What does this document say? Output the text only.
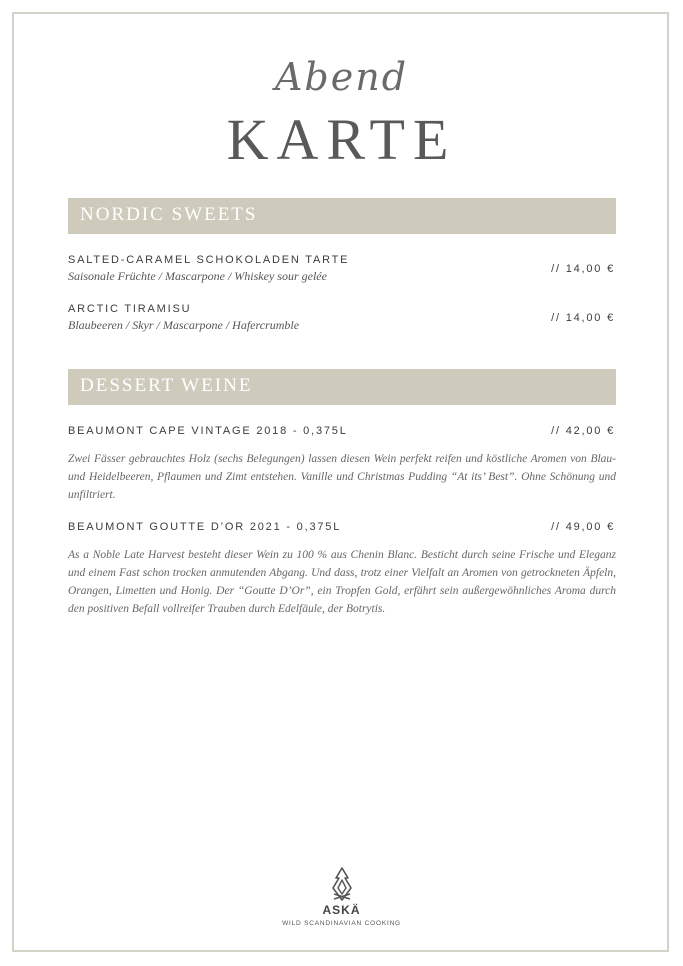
Abend
KARTE
NORDIC SWEETS
SALTED-CARAMEL SCHOKOLADEN TARTE
Saisonale Früchte / Mascarpone / Whiskey sour gelée	// 14,00 €
ARCTIC TIRAMISU
Blaubeeren / Skyr / Mascarpone / Hafercrumble	// 14,00 €
DESSERT WEINE
BEAUMONT CAPE VINTAGE 2018 - 0,375L	// 42,00 €
Zwei Fässer gebrauchtes Holz (sechs Belegungen) lassen diesen Wein perfekt reifen und köstliche Aromen von Blau- und Heidelbeeren, Pflaumen und Zimt entstehen. Vanille und Christmas Pudding “At its’ Best”. Ohne Schönung und unfiltriert.
BEAUMONT GOUTTE D’OR 2021 - 0,375L	// 49,00 €
As a Noble Late Harvest besteht dieser Wein zu 100 % aus Chenin Blanc. Besticht durch seine Frische und Eleganz und einem Fast schon trocken anmutenden Abgang. Und dass, trotz einer Vielfalt an Aromen von getrockneten Äpfeln, Orangen, Limetten und Honig. Der “Goutte D’Or”, ein Tropfen Gold, erfährt sein außergewöhnliches Aroma durch den positiven Befall vollreifer Trauben durch Edelfäule, der Botrytis.
ASKÄ
WILD SCANDINAVIAN COOKING
